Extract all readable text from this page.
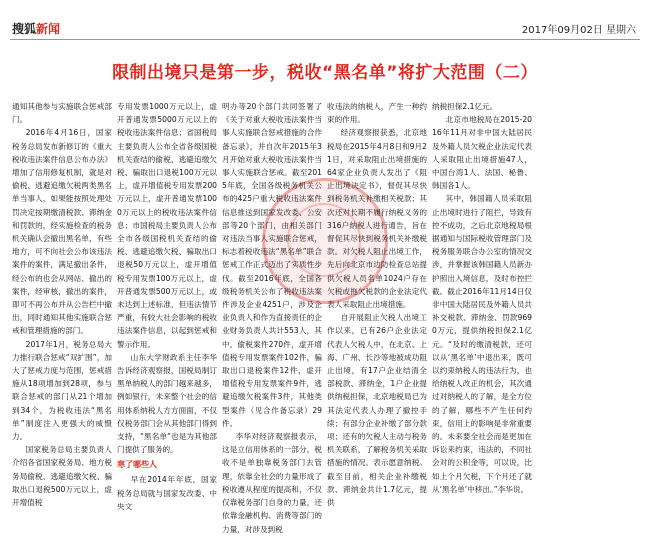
搜狐新闻	2017年09月02日 星期六
限制出境只是第一步，税收“黑名单”将扩大范围（二）

通知其他参与实施联合惩戒部门。

2016年4月16日，国家税务总局发布新修订的《重大税收违法案件信息公布办法》增加了信用修复机制，就是对偷税、逃避追缴欠税两类黑名单当事人，如果能按照处理处罚决定按期缴清税款、滞纳金和罚款的，经实施检查的税务机关确认会撤出黑名单，有些地方，可不向社会公布该违法案件的案件，满足撤出条件，经公布的也会从网站、撤出的案件，经审核，撤出的案件，即可不再公布并从公告栏中撤出，同时通知其他实施联合惩戒和管理措施的部门。

2017年1月，税务总局大力推行联合惩戒“双扩围”，加大了惩戒力度与范围，惩戒措施从18项增加到28项，参与联合惩戒的部门从21个增加到34个，为税收违法“黑名单”制度注入更强大的威慑力。

国家税务总局主要负责人介绍各省国家税务局、地方税务局偷税、逃避追缴欠税、骗取出口退税500万元以上，虚开增值税

专用发票1000万元以上，虚开普通发票5000万元以上的税收违法案件信息；省国税局主要负责人公布全省各级国税机关查结的偷税、逃避追缴欠税、骗取出口退税100万元以上，虚开增值税专用发票200万元以上，虚开普通发票1000万元以上的税收违法案件信息；市国税局主要负责人公布全市各级国税机关查结的偷税、逃避追缴欠税、骗取出口退税50万元以上，虚开增值税专用发票100万元以上，虚开普通发票500万元以上，或未达到上述标准，但违法情节严重，有较大社会影响的税收违法案件信息，以起到惩戒和警示作用。

山东大学财政系主任李华告诉经济观察报，国税局制订黑单纳税人的部门越来越多，例如银行，未来整个社会的信用体系纳税人方方面面，不仅仅税务部门会从其他部门得到支持，“黑名单”也是为其他部门提供了服务的。

寒了哪些人

早在2014年年底，国家税务总局就与国家发改委、中央文

明办等20个部门共同签署了《关于对重大税收违法案件当事人实施联合惩戒措施的合作备忘录》，并自次年2015年3月开始对重大税收违法案件当事人实施联合惩戒。截至2015年底，全国各级税务机关公布的425户重大税收违法案件信息推送到国家发改委、公安部等20个部门，由相关部门对违法当事人实施联合惩戒，标志着税收违法“黑名单”联合惩戒工作正式迈出了实质性步伐。截至2016年底，全国各级税务机关公布了税收违法案件涉及企业4251户，涉及企业负责人和作为直接责任的企业财务负责人共计553人，其中，偷税案件270件，虚开增值税专用发票案件102件，骗取出口退税案件12件，虚开增值税专用发票案件9件，逃避追缴欠税案件3件，其他类型案件（见合作备忘录）29件。

李华对经济观察报表示，这是立信用体系的一部分，税收不是单独靠税务部门去管理，依靠全社会的力量形成了税收遵从程度的提高和，不仅仅靠税务部门自身的力量，还依靠金融机构、消费等部门的力量，对涉及到税

收违法的纳税人，产生一种约束的作用。

经济观察报获悉，北京地税局在2015年4月8日和9月21日，对采取阻止出境措施的64家企业负责人发出了《阻止出境决定书》，督促其尽快到税务机关补缴相关税款；其次还对长期不履行纳税义务的316户纳税人进行通告，旨在督促其尽快到税务机关补缴税款。对欠税人阻止出境工作，先后向北京市边防检查总站提供欠税人员名单1024户存在欠税或拖欠税款的企业法定代表人采取阻止出境措施。

自开展阻止欠税人出境工作以来，已有26户企业法定代表人欠税人中，在北京、上海、广州、长沙等地被成功阻止出境，有17户企业结清全部税款、滞纳金，1户企业提供纳税担保，北京地税局已为其法定代表人办理了撤控手续；有部分企业补缴了部分款项；还有的欠税人主动与税务机关联系，了解税务机关采取措施的情况。表示愿意纳税。截至目前，相关企业补缴税款、滞纳金共计1.7亿元，提供

纳税担保2.1亿元。

北京市地税局在2015-2016年11月对非中国大陆居民及外籍人员欠税企业法定代表人采取阻止出境措施47人，中国台湾1人、法国、秘鲁、韩国各1人。

其中，韩国籍人员采取阻止出境时进行了阻拦，导致有控不成功，之后北京地税局根据通知与国际税收管理部门及税务服务联合办公室的情况交涉，并掌握该韩国籍人员新办护照出入境信息，及时布控拦截。截止2016年11月14日仅非中国大陆居民及外籍人员共补交税款、滞纳金、罚款9690万元，提供纳税担保2.1亿元。“及时的缴清税款，还可以从‘黑名单’中退出来，既可以约束纳税人的违法行为，也给纳税人改正的机会，其次通过对纳税人的了解，是全方位的了解，哪些不产生任何约束，信用上的影响是非常重要的。未来要全社会而是更加在诉讼来约束，违法的，不同社会对的公积金等，可以说，比如上个月欠税，下个月还了就从‘黑名单’中移出。”李华说。
